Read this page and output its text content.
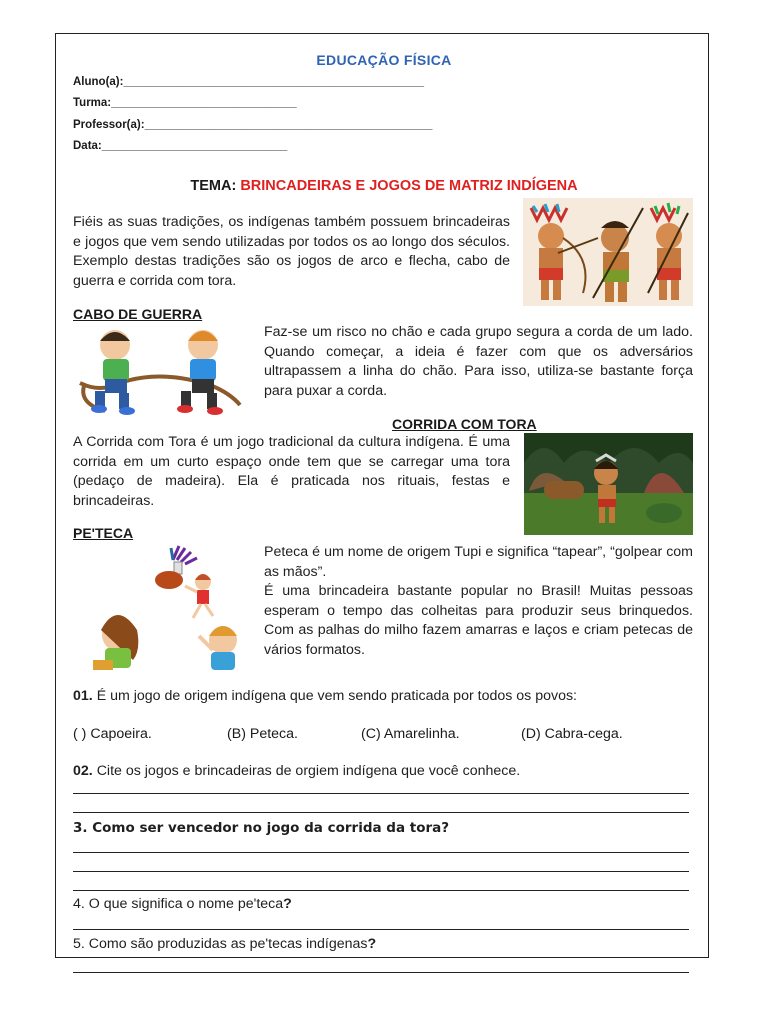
EDUCAÇÃO FÍSICA
Aluno(a):_______________________________________________
Turma:_____________________________
Professor(a):_____________________________________________
Data:_____________________________
TEMA: BRINCADEIRAS E JOGOS DE MATRIZ INDÍGENA

Fiéis as suas tradições, os indígenas também possuem brincadeiras e jogos que vem sendo utilizadas por todos os ao longo dos séculos. Exemplo destas tradições são os jogos de arco e flecha, cabo de guerra e corrida com tora.

CABO DE GUERRA

Faz-se um risco no chão e cada grupo segura a corda de um lado. Quando começar, a ideia é fazer com que os adversários ultrapassem a linha do chão. Para isso, utiliza-se bastante força para puxar a corda.

CORRIDA COM TORA

A Corrida com Tora é um jogo tradicional da cultura indígena. É uma corrida em um curto espaço onde tem que se carregar uma tora (pedaço de madeira). Ela é praticada nos rituais, festas e brincadeiras.

PE'TECA

Peteca é um nome de origem Tupi e significa “tapear”, “golpear com as mãos”.

É uma brincadeira bastante popular no Brasil! Muitas pessoas esperam o tempo das colheitas para produzir seus brinquedos. Com as palhas do milho fazem amarras e laços e criam petecas de vários formatos.

01. É um jogo de origem indígena que vem sendo praticada por todos os povos:
( ) Capoeira.	(B) Peteca.	(C) Amarelinha.	(D) Cabra-cega.
02. Cite os jogos e brincadeiras de orgiem indígena que você conhece.
3. Como ser vencedor no jogo da corrida da tora?
4. O que significa o nome pe'teca?
5. Como são produzidas as pe'tecas indígenas?
